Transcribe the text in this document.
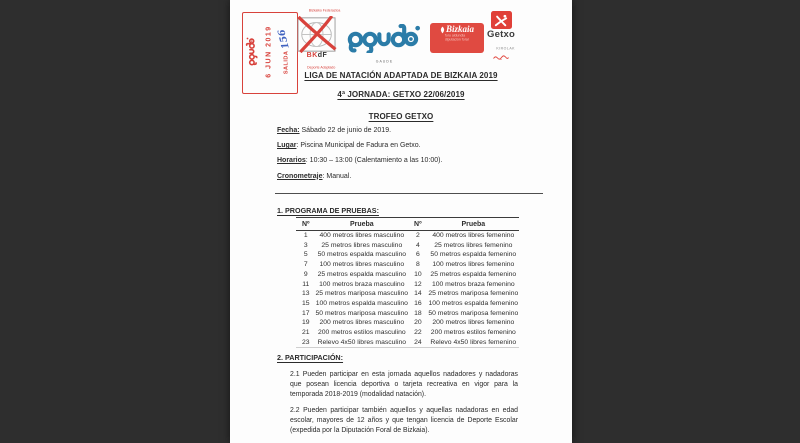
6 JUN 2019 SALIDA
156
Bizkaiko Federazioa
BKdF
Deporte Adaptado
GAUDE
Bizkaia
foru aldundia
diputación foral
Getxo
KIROLAK
LIGA DE NATACIÓN ADAPTADA DE BIZKAIA 2019
4ª JORNADA: GETXO 22/06/2019
TROFEO GETXO
Fecha: Sábado 22 de junio de 2019.
Lugar: Piscina Municipal de Fadura en Getxo.
Horarios: 10:30 – 13:00 (Calentamiento a las 10:00).
Cronometraje: Manual.
1. PROGRAMA DE PRUEBAS:
Nº	Prueba	Nº	Prueba
1	400 metros libres masculino	2	400 metros libres femenino
3	25 metros libres masculino	4	25 metros libres femenino
5	50 metros espalda masculino	6	50 metros espalda femenino
7	100 metros libres masculino	8	100 metros libres femenino
9	25 metros espalda masculino	10	25 metros espalda femenino
11	100 metros braza masculino	12	100 metros braza femenino
13	25 metros mariposa masculino	14	25 metros mariposa femenino
15	100 metros espalda masculino	16	100 metros espalda femenino
17	50 metros mariposa masculino	18	50 metros mariposa femenino
19	200 metros libres masculino	20	200 metros libres femenino
21	200 metros estilos masculino	22	200 metros estilos femenino
23	Relevo 4x50 libres masculino	24	Relevo 4x50 libres femenino
2. PARTICIPACIÓN:

2.1 Pueden participar en esta jornada aquellos nadadores y nadadoras que posean licencia deportiva o tarjeta recreativa en vigor para la temporada 2018-2019 (modalidad natación).

2.2 Pueden participar también aquellos y aquellas nadadoras en edad escolar, mayores de 12 años y que tengan licencia de Deporte Escolar (expedida por la Diputación Foral de Bizkaia).
